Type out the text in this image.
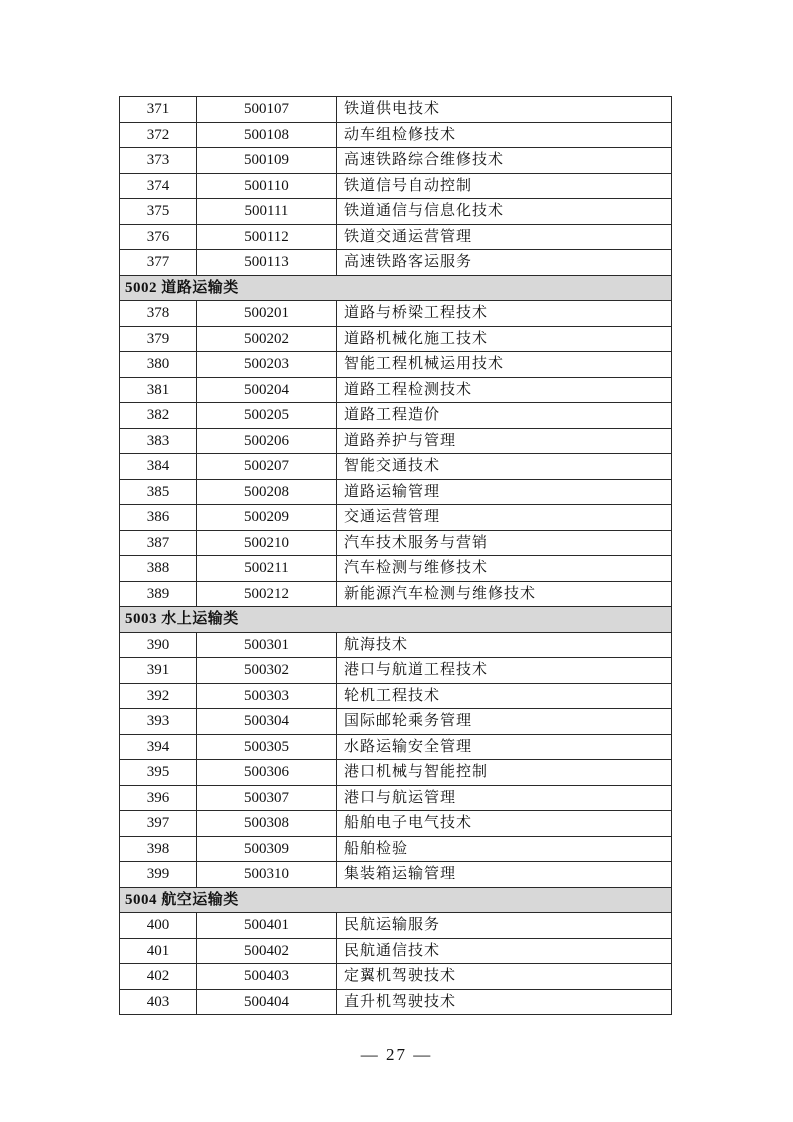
371	500107	铁道供电技术
372	500108	动车组检修技术
373	500109	高速铁路综合维修技术
374	500110	铁道信号自动控制
375	500111	铁道通信与信息化技术
376	500112	铁道交通运营管理
377	500113	高速铁路客运服务
5002 道路运输类		
378	500201	道路与桥梁工程技术
379	500202	道路机械化施工技术
380	500203	智能工程机械运用技术
381	500204	道路工程检测技术
382	500205	道路工程造价
383	500206	道路养护与管理
384	500207	智能交通技术
385	500208	道路运输管理
386	500209	交通运营管理
387	500210	汽车技术服务与营销
388	500211	汽车检测与维修技术
389	500212	新能源汽车检测与维修技术
5003 水上运输类		
390	500301	航海技术
391	500302	港口与航道工程技术
392	500303	轮机工程技术
393	500304	国际邮轮乘务管理
394	500305	水路运输安全管理
395	500306	港口机械与智能控制
396	500307	港口与航运管理
397	500308	船舶电子电气技术
398	500309	船舶检验
399	500310	集装箱运输管理
5004 航空运输类		
400	500401	民航运输服务
401	500402	民航通信技术
402	500403	定翼机驾驶技术
403	500404	直升机驾驶技术
— 27 —
